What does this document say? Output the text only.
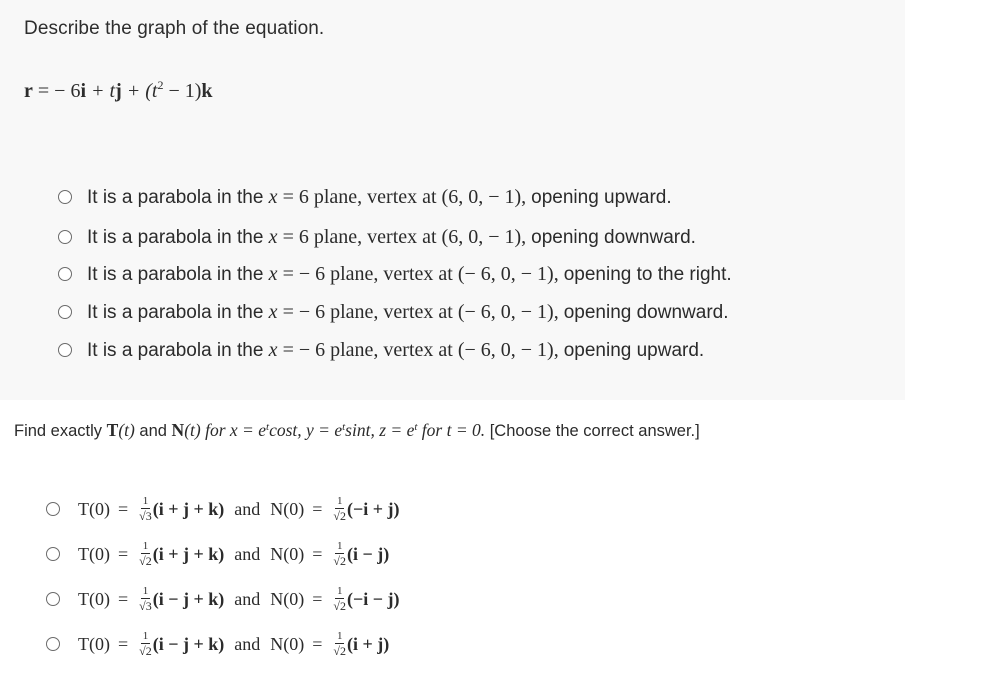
Describe the graph of the equation.
r = − 6i + tj + $(t^2 - 1)k$
It is a parabola in the x = 6 plane, vertex at (6, 0, − 1), opening upward.
It is a parabola in the x = 6 plane, vertex at (6, 0, − 1), opening downward.
It is a parabola in the x = − 6 plane, vertex at (− 6, 0, − 1), opening to the right.
It is a parabola in the x = − 6 plane, vertex at (− 6, 0, − 1), opening downward.
It is a parabola in the x = − 6 plane, vertex at (− 6, 0, − 1), opening upward.
Find exactly T(t) and N(t) for $x = e^t\cos t$, $y = e^t\sin t$, $z = e^t$ for t = 0. [Choose the correct answer.]
$T(0) = \frac{1}{√3} (i + j + k)$ and $N(0) = \frac{1}{√2} (-i + j)$
$T(0) = \frac{1}{√2} (i + j + k)$ and $N(0) = \frac{1}{√2} (i - j)$
$T(0) = \frac{1}{√3} (i - j + k)$ and $N(0) = \frac{1}{√2} (-i - j)$
$T(0) = \frac{1}{√2} (i - j + k)$ and $N(0) = \frac{1}{√2} (i + j)$
